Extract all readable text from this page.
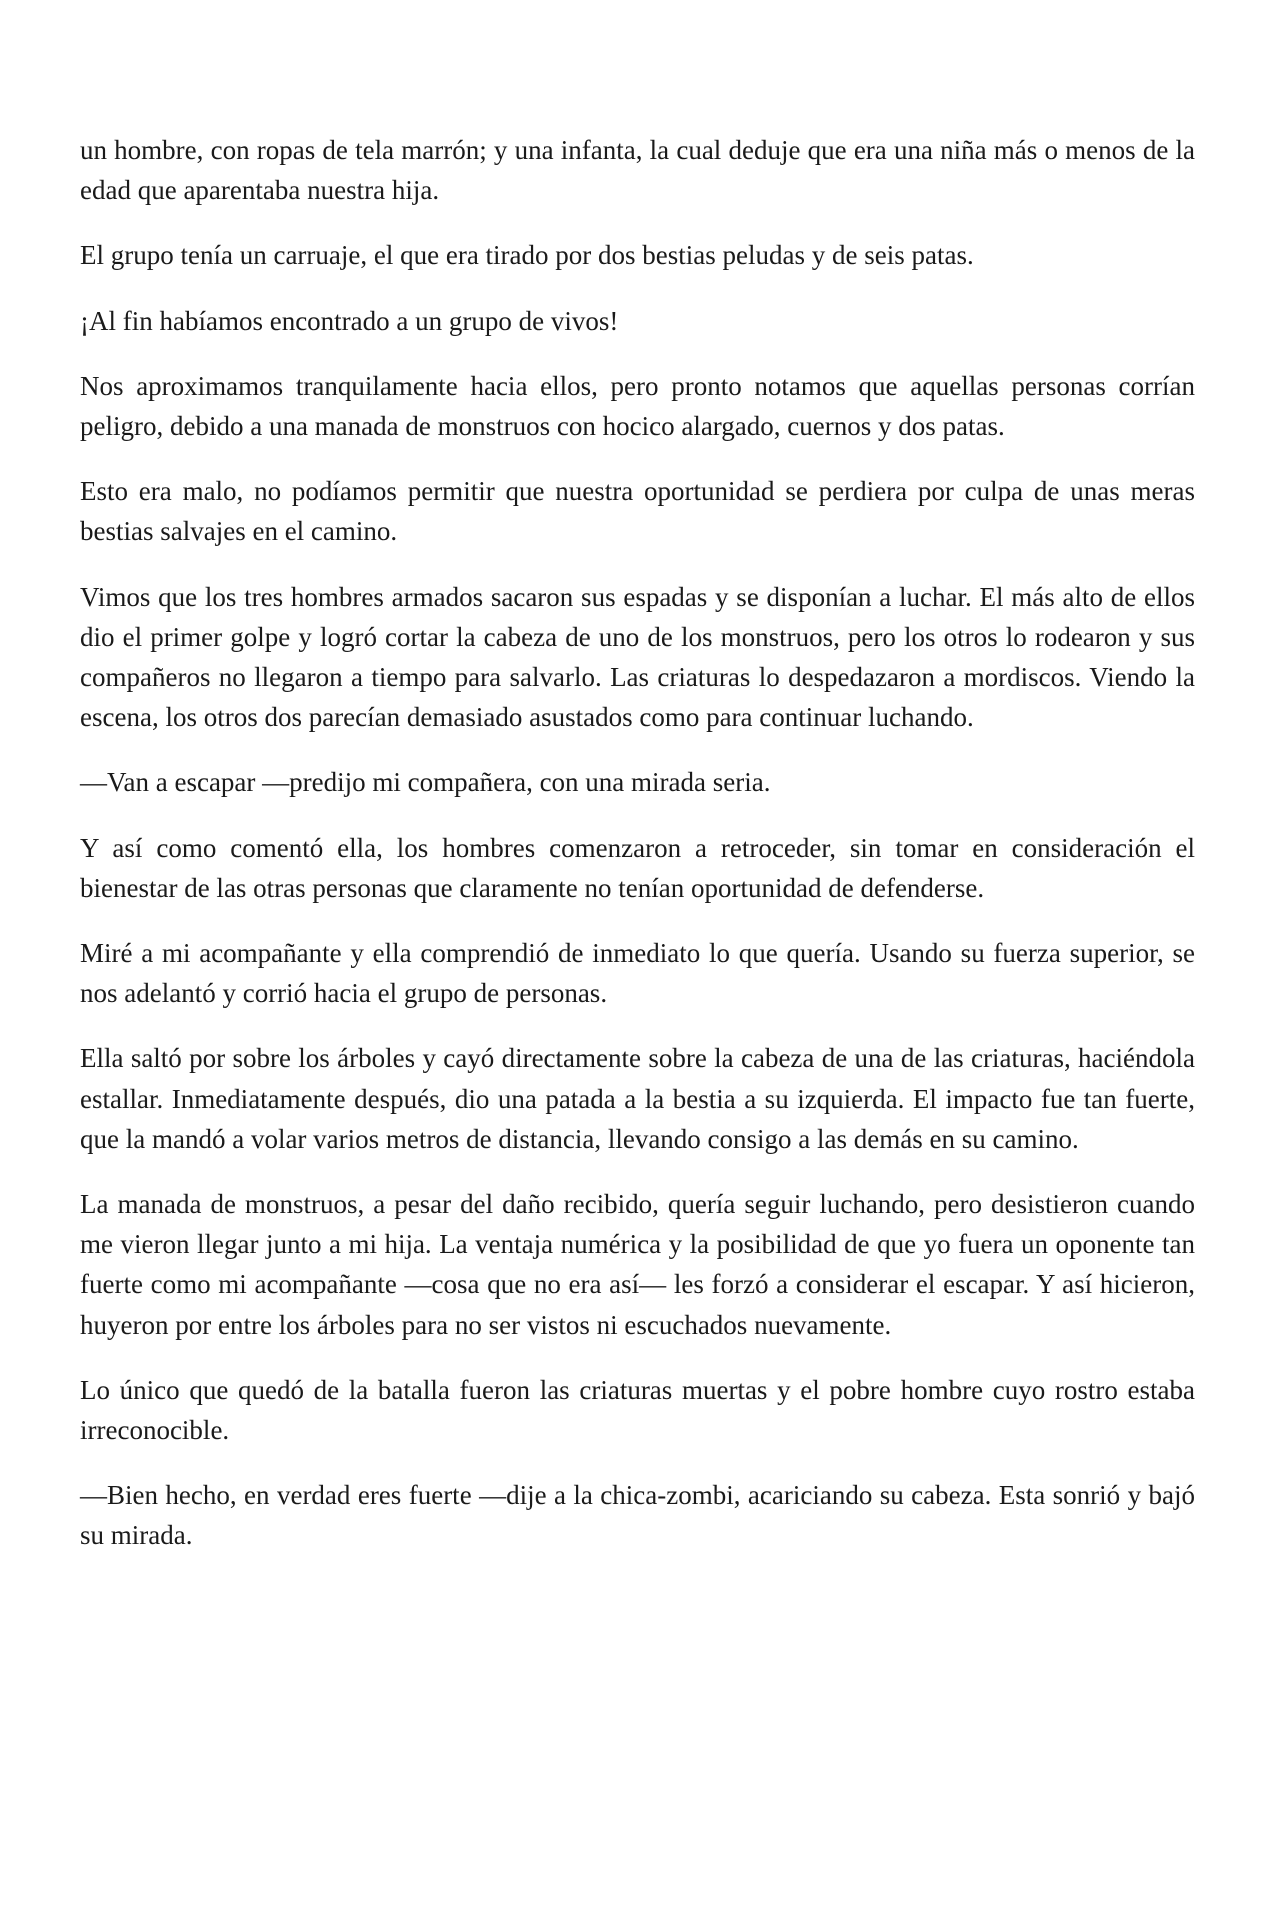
un hombre, con ropas de tela marrón; y una infanta, la cual deduje que era una niña más o menos de la edad que aparentaba nuestra hija.

El grupo tenía un carruaje, el que era tirado por dos bestias peludas y de seis patas.

¡Al fin habíamos encontrado a un grupo de vivos!

Nos aproximamos tranquilamente hacia ellos, pero pronto notamos que aquellas personas corrían peligro, debido a una manada de monstruos con hocico alargado, cuernos y dos patas.

Esto era malo, no podíamos permitir que nuestra oportunidad se perdiera por culpa de unas meras bestias salvajes en el camino.

Vimos que los tres hombres armados sacaron sus espadas y se disponían a luchar. El más alto de ellos dio el primer golpe y logró cortar la cabeza de uno de los monstruos, pero los otros lo rodearon y sus compañeros no llegaron a tiempo para salvarlo. Las criaturas lo despedazaron a mordiscos. Viendo la escena, los otros dos parecían demasiado asustados como para continuar luchando.

—Van a escapar —predijo mi compañera, con una mirada seria.

Y así como comentó ella, los hombres comenzaron a retroceder, sin tomar en consideración el bienestar de las otras personas que claramente no tenían oportunidad de defenderse.

Miré a mi acompañante y ella comprendió de inmediato lo que quería. Usando su fuerza superior, se nos adelantó y corrió hacia el grupo de personas.

Ella saltó por sobre los árboles y cayó directamente sobre la cabeza de una de las criaturas, haciéndola estallar. Inmediatamente después, dio una patada a la bestia a su izquierda. El impacto fue tan fuerte, que la mandó a volar varios metros de distancia, llevando consigo a las demás en su camino.

La manada de monstruos, a pesar del daño recibido, quería seguir luchando, pero desistieron cuando me vieron llegar junto a mi hija. La ventaja numérica y la posibilidad de que yo fuera un oponente tan fuerte como mi acompañante —cosa que no era así— les forzó a considerar el escapar. Y así hicieron, huyeron por entre los árboles para no ser vistos ni escuchados nuevamente.

Lo único que quedó de la batalla fueron las criaturas muertas y el pobre hombre cuyo rostro estaba irreconocible.

—Bien hecho, en verdad eres fuerte —dije a la chica-zombi, acariciando su cabeza. Esta sonrió y bajó su mirada.
